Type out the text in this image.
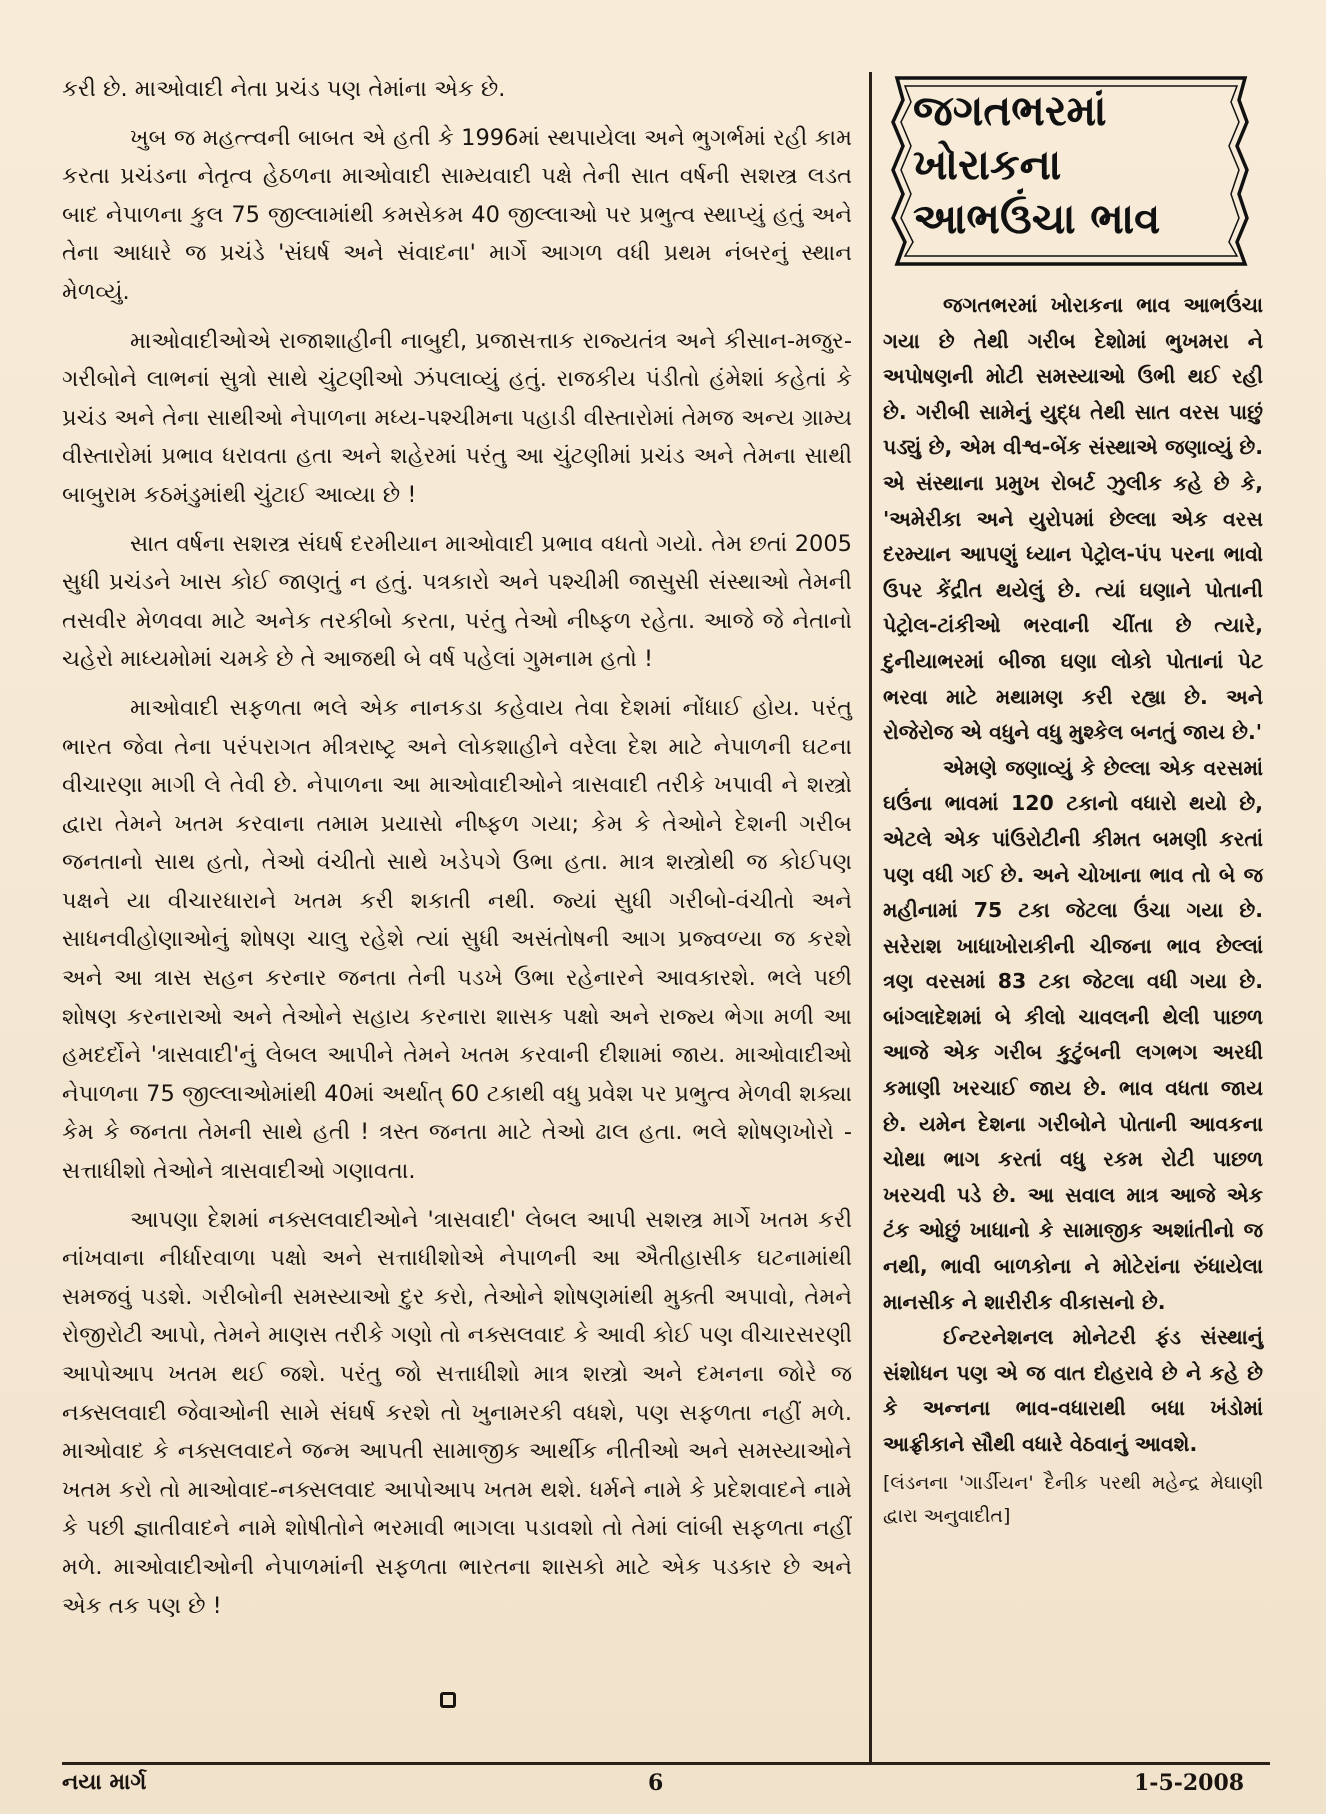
કરી છે. માઓવાદી નેતા પ્રચંડ પણ તેમાંના એક છે.

ખુબ જ મહત્ત્વની બાબત એ હતી કે 1996માં સ્થપાયેલા અને ભુગર્ભમાં રહી કામ કરતા પ્રચંડના નેતૃત્વ હેઠળના માઓવાદી સામ્યવાદી પક્ષે તેની સાત વર્ષની સશસ્ત્ર લડત બાદ નેપાળના કુલ 75 જીલ્લામાંથી કમસેકમ 40 જીલ્લાઓ પર પ્રભુત્વ સ્થાપ્યું હતું અને તેના આધારે જ પ્રચંડે 'સંઘર્ષ અને સંવાદના' માર્ગે આગળ વધી પ્રથમ નંબરનું સ્થાન મેળવ્યું.

માઓવાદીઓએ રાજાશાહીની નાબુદી, પ્રજાસત્તાક રાજ્યતંત્ર અને કીસાન-મજુર-ગરીબોને લાભનાં સુત્રો સાથે ચુંટણીઓ ઝંપલાવ્યું હતું. રાજકીય પંડીતો હંમેશાં કહેતાં કે પ્રચંડ અને તેના સાથીઓ નેપાળના મધ્ય-પશ્ચીમના પહાડી વીસ્તારોમાં તેમજ અન્ય ગ્રામ્ય વીસ્તારોમાં પ્રભાવ ધરાવતા હતા અને શહેરમાં પરંતુ આ ચુંટણીમાં પ્રચંડ અને તેમના સાથી બાબુરામ કઠમંડુમાંથી ચુંટાઈ આવ્યા છે !

સાત વર્ષના સશસ્ત્ર સંઘર્ષ દરમીયાન માઓવાદી પ્રભાવ વધતો ગયો. તેમ છતાં 2005 સુધી પ્રચંડને ખાસ કોઈ જાણતું ન હતું. પત્રકારો અને પશ્ચીમી જાસુસી સંસ્થાઓ તેમની તસવીર મેળવવા માટે અનેક તરકીબો કરતા, પરંતુ તેઓ નીષ્ફળ રહેતા. આજે જે નેતાનો ચહેરો માધ્યમોમાં ચમકે છે તે આજથી બે વર્ષ પહેલાં ગુમનામ હતો !

માઓવાદી સફળતા ભલે એક નાનકડા કહેવાય તેવા દેશમાં નોંધાઈ હોય. પરંતુ ભારત જેવા તેના પરંપરાગત મીત્રરાષ્ટ્ર અને લોકશાહીને વરેલા દેશ માટે નેપાળની ઘટના વીચારણા માગી લે તેવી છે. નેપાળના આ માઓવાદીઓને ત્રાસવાદી તરીકે ખપાવી ને શસ્ત્રો દ્વારા તેમને ખતમ કરવાના તમામ પ્રયાસો નીષ્ફળ ગયા; કેમ કે તેઓને દેશની ગરીબ જનતાનો સાથ હતો, તેઓ વંચીતો સાથે ખડેપગે ઉભા હતા. માત્ર શસ્ત્રોથી જ કોઈપણ પક્ષને યા વીચારધારાને ખતમ કરી શકાતી નથી. જ્યાં સુધી ગરીબો-વંચીતો અને સાધનવીહોણાઓનું શોષણ ચાલુ રહેશે ત્યાં સુધી અસંતોષની આગ પ્રજ્વળ્યા જ કરશે અને આ ત્રાસ સહન કરનાર જનતા તેની પડખે ઉભા રહેનારને આવકારશે. ભલે પછી શોષણ કરનારાઓ અને તેઓને સહાય કરનારા શાસક પક્ષો અને રાજ્ય ભેગા મળી આ હમદર્દોને 'ત્રાસવાદી'નું લેબલ આપીને તેમને ખતમ કરવાની દીશામાં જાય. માઓવાદીઓ નેપાળના 75 જીલ્લાઓમાંથી 40માં અર્થાત્ 60 ટકાથી વધુ પ્રવેશ પર પ્રભુત્વ મેળવી શક્યા કેમ કે જનતા તેમની સાથે હતી ! ત્રસ્ત જનતા માટે તેઓ ઢાલ હતા. ભલે શોષણખોરો - સત્તાધીશો તેઓને ત્રાસવાદીઓ ગણાવતા.

આપણા દેશમાં નક્સલવાદીઓને 'ત્રાસવાદી' લેબલ આપી સશસ્ત્ર માર્ગે ખતમ કરી નાંખવાના નીર્ધારવાળા પક્ષો અને સત્તાધીશોએ નેપાળની આ ઐતીહાસીક ઘટનામાંથી સમજવું પડશે. ગરીબોની સમસ્યાઓ દુર કરો, તેઓને શોષણમાંથી મુક્તી અપાવો, તેમને રોજીરોટી આપો, તેમને માણસ તરીકે ગણો તો નક્સલવાદ કે આવી કોઈ પણ વીચારસરણી આપોઆપ ખતમ થઈ જશે. પરંતુ જો સત્તાધીશો માત્ર શસ્ત્રો અને દમનના જોરે જ નક્સલવાદી જેવાઓની સામે સંઘર્ષ કરશે તો ખુનામરકી વધશે, પણ સફળતા નહીં મળે. માઓવાદ કે નક્સલવાદને જન્મ આપતી સામાજીક આર્થીક નીતીઓ અને સમસ્યાઓને ખતમ કરો તો માઓવાદ-નક્સલવાદ આપોઆપ ખતમ થશે. ધર્મને નામે કે પ્રદેશવાદને નામે કે પછી જ્ઞાતીવાદને નામે શોષીતોને ભરમાવી ભાગલા પડાવશો તો તેમાં લાંબી સફળતા નહીં મળે. માઓવાદીઓની નેપાળમાંની સફળતા ભારતના શાસકો માટે એક પડકાર છે અને એક તક પણ છે !

જગતભરમાં
ખોરાકના
આભઉંચા ભાવ

જગતભરમાં ખોરાકના ભાવ આભઉંચા ગયા છે તેથી ગરીબ દેશોમાં ભુખમરા ને અપોષણની મોટી સમસ્યાઓ ઉભી થઈ રહી છે. ગરીબી સામેનું યુદ્ધ તેથી સાત વરસ પાછું પડ્યું છે, એમ વીશ્વ-બેંક સંસ્થાએ જણાવ્યું છે. એ સંસ્થાના પ્રમુખ રોબર્ટ ઝુલીક કહે છે કે, 'અમેરીકા અને યુરોપમાં છેલ્લા એક વરસ દરમ્યાન આપણું ધ્યાન પેટ્રોલ-પંપ પરના ભાવો ઉપર કેંદ્રીત થયેલું છે. ત્યાં ઘણાને પોતાની પેટ્રોલ-ટાંકીઓ ભરવાની ચીંતા છે ત્યારે, દુનીયાભરમાં બીજા ઘણા લોકો પોતાનાં પેટ ભરવા માટે મથામણ કરી રહ્યા છે. અને રોજેરોજ એ વધુને વધુ મુશ્કેલ બનતું જાય છે.'

એમણે જણાવ્યું કે છેલ્લા એક વરસમાં ઘઉંના ભાવમાં 120 ટકાનો વધારો થયો છે, એટલે એક પાંઉરોટીની કીમત બમણી કરતાં પણ વધી ગઈ છે. અને ચોખાના ભાવ તો બે જ મહીનામાં 75 ટકા જેટલા ઉંચા ગયા છે. સરેરાશ ખાધાખોરાકીની ચીજના ભાવ છેલ્લાં ત્રણ વરસમાં 83 ટકા જેટલા વધી ગયા છે. બાંગ્લાદેશમાં બે કીલો ચાવલની થેલી પાછળ આજે એક ગરીબ કુટુંબની લગભગ અરધી કમાણી ખરચાઈ જાય છે. ભાવ વધતા જાય છે. યમેન દેશના ગરીબોને પોતાની આવકના ચોથા ભાગ કરતાં વધુ રકમ રોટી પાછળ ખરચવી પડે છે. આ સવાલ માત્ર આજે એક ટંક ઓછું ખાધાનો કે સામાજીક અશાંતીનો જ નથી, ભાવી બાળકોના ને મોટેરાંના રુંધાયેલા માનસીક ને શારીરીક વીકાસનો છે.

ઈન્ટરનેશનલ મોનેટરી ફંડ સંસ્થાનું સંશોધન પણ એ જ વાત દોહરાવે છે ને કહે છે કે અન્નના ભાવ-વધારાથી બધા ખંડોમાં આફ્રીકાને સૌથી વધારે વેઠવાનું આવશે.

[લંડનના 'ગાર્ડીયન' દૈનીક પરથી મહેન્દ્ર મેઘાણી દ્વારા અનુવાદીત]

નયા માર્ગ	6	1-5-2008
